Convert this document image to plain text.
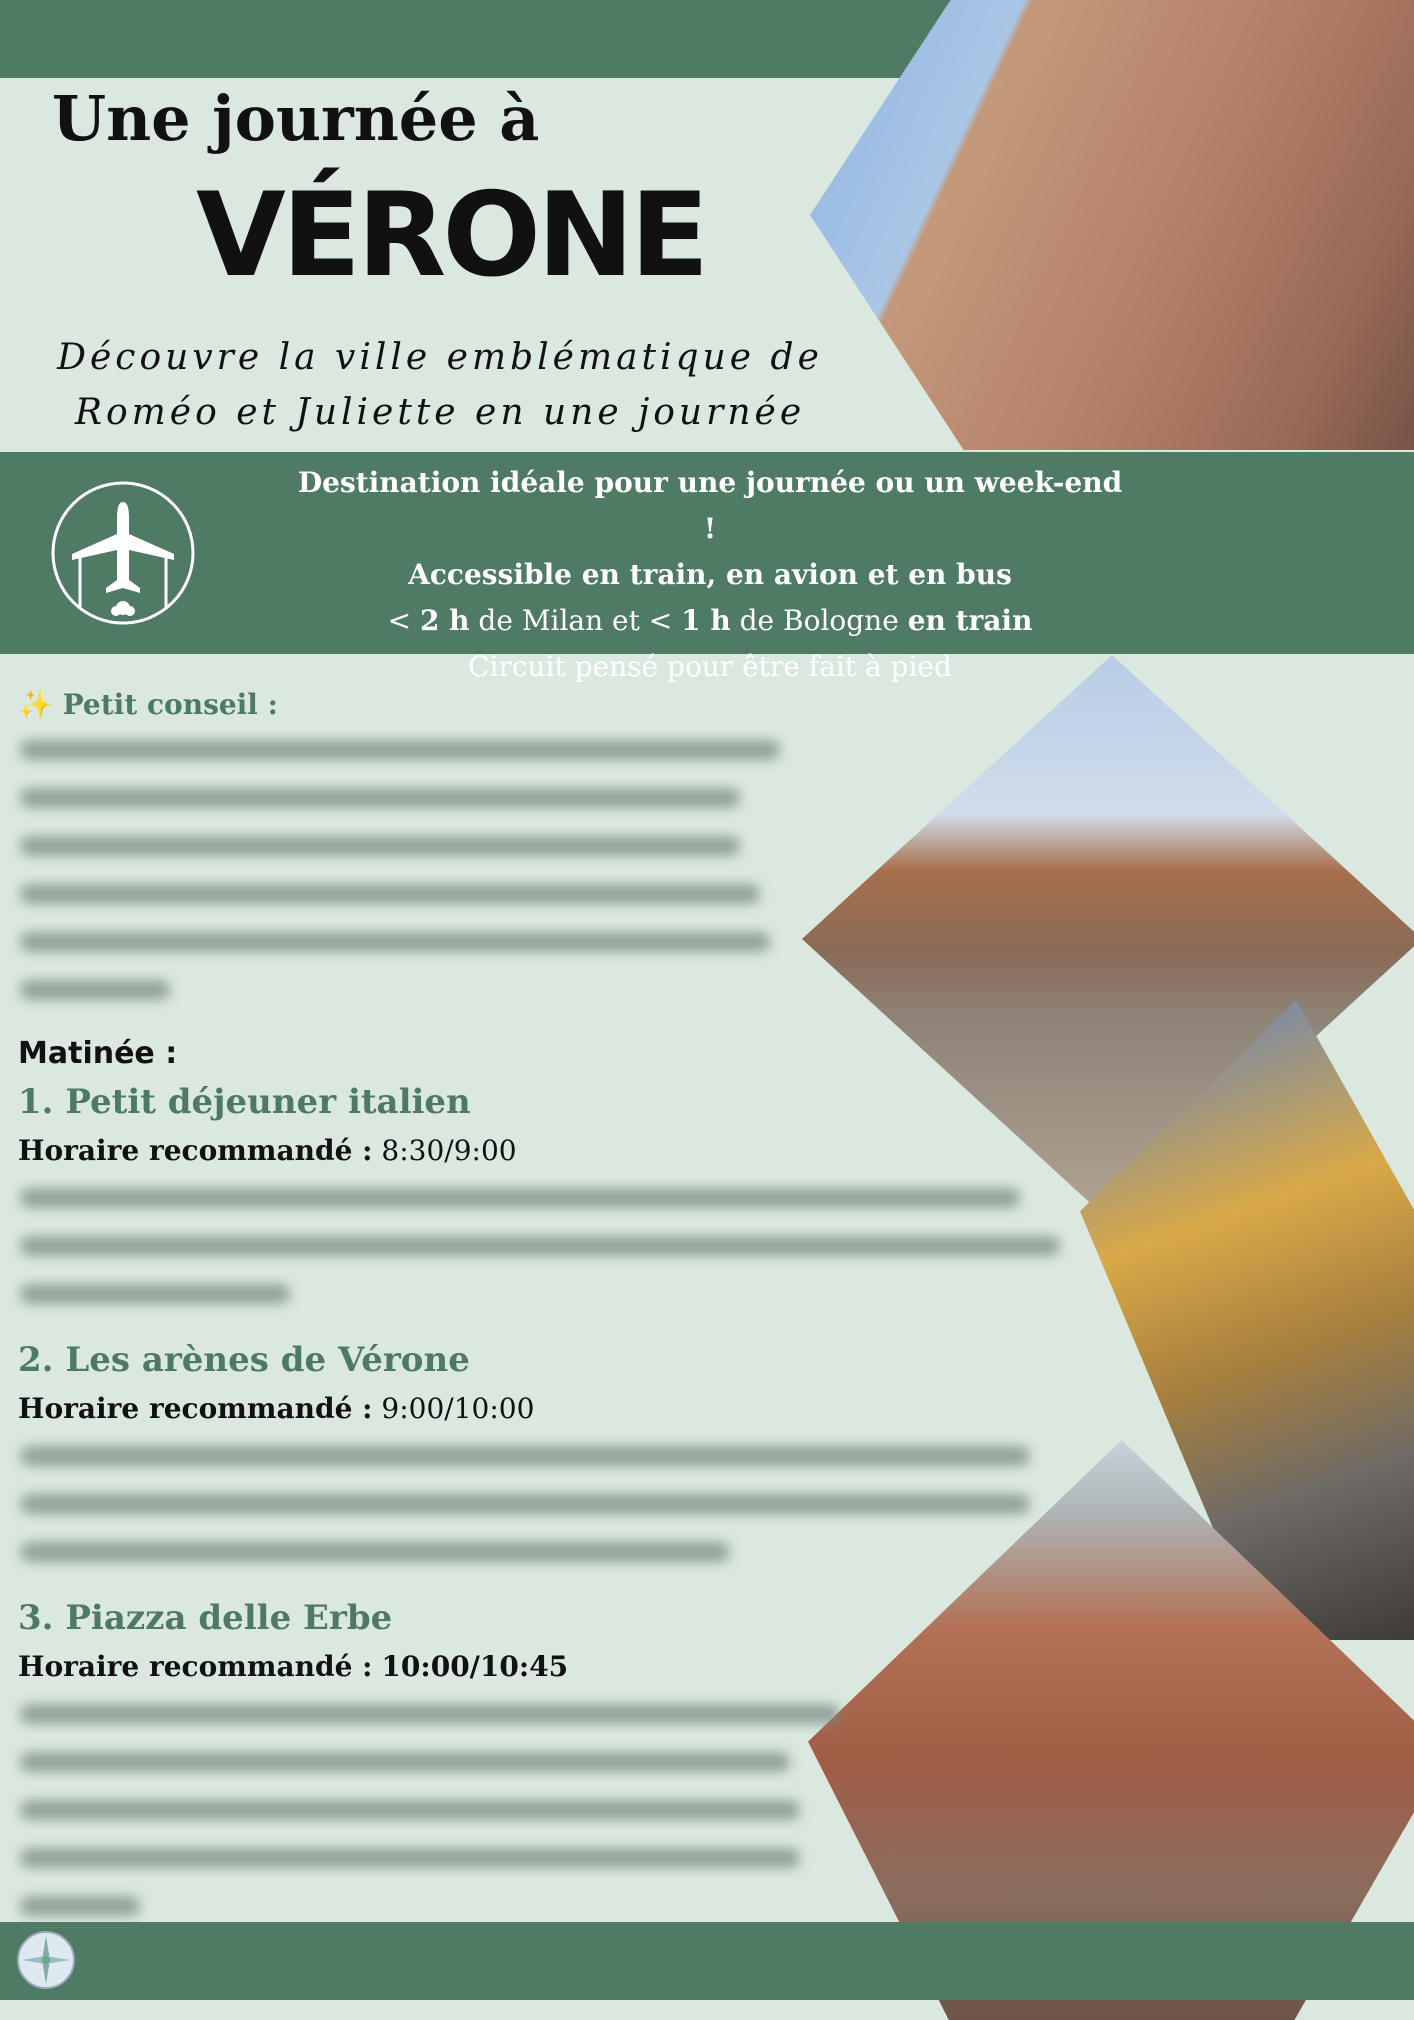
Une journée à
VÉRONE

Découvre la ville emblématique de
Roméo et Juliette en une journée

Destination idéale pour une journée ou un week-end !

Accessible en train, en avion et en bus

< 2 h de Milan et < 1 h de Bologne en train

Circuit pensé pour être fait à pied

✨ Petit conseil :

Matinée :
1. Petit déjeuner italien
Horaire recommandé : 8:30/9:00
2. Les arènes de Vérone
Horaire recommandé : 9:00/10:00
3. Piazza delle Erbe
Horaire recommandé : 10:00/10:45
